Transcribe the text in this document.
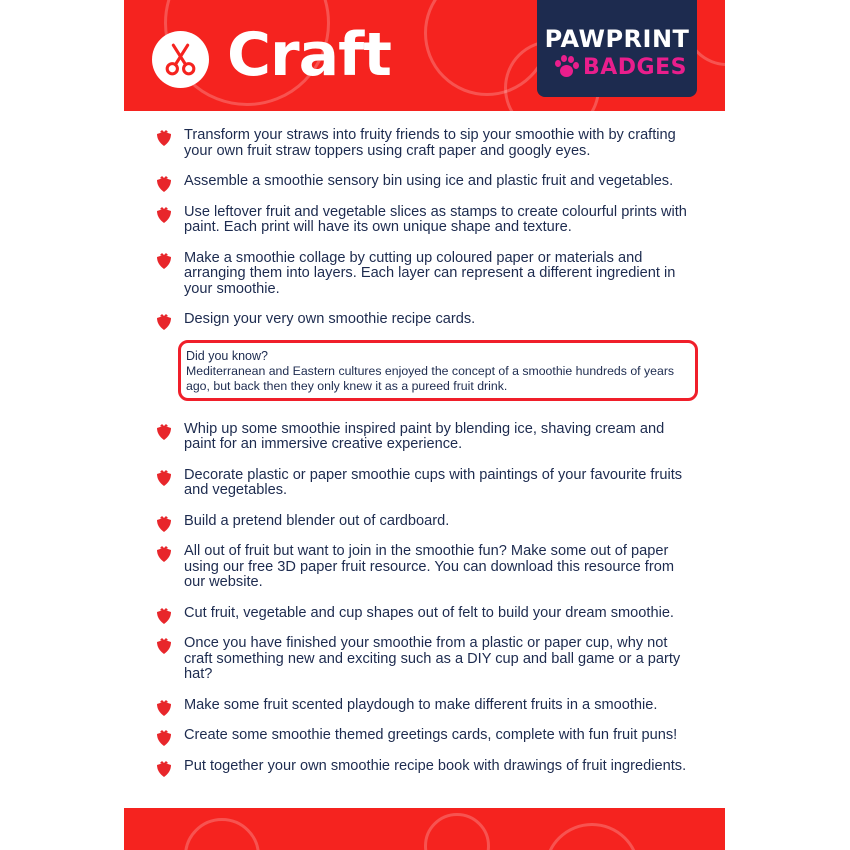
Craft	PAWPRINT
BADGES
Transform your straws into fruity friends to sip your smoothie with by crafting your own fruit straw toppers using craft paper and googly eyes.
Assemble a smoothie sensory bin using ice and plastic fruit and vegetables.
Use leftover fruit and vegetable slices as stamps to create colourful prints with paint. Each print will have its own unique shape and texture.
Make a smoothie collage by cutting up coloured paper or materials and arranging them into layers. Each layer can represent a different ingredient in your smoothie.
Design your very own smoothie recipe cards.
Whip up some smoothie inspired paint by blending ice, shaving cream and paint for an immersive creative experience.
Decorate plastic or paper smoothie cups with paintings of your favourite fruits and vegetables.
Build a pretend blender out of cardboard.
All out of fruit but want to join in the smoothie fun? Make some out of paper using our free 3D paper fruit resource. You can download this resource from our website.
Cut fruit, vegetable and cup shapes out of felt to build your dream smoothie.
Once you have finished your smoothie from a plastic or paper cup, why not craft something new and exciting such as a DIY cup and ball game or a party hat?
Make some fruit scented playdough to make different fruits in a smoothie.
Create some smoothie themed greetings cards, complete with fun fruit puns!
Put together your own smoothie recipe book with drawings of fruit ingredients.
Did you know?
Mediterranean and Eastern cultures enjoyed the concept of a smoothie hundreds of years ago, but back then they only knew it as a pureed fruit drink.
